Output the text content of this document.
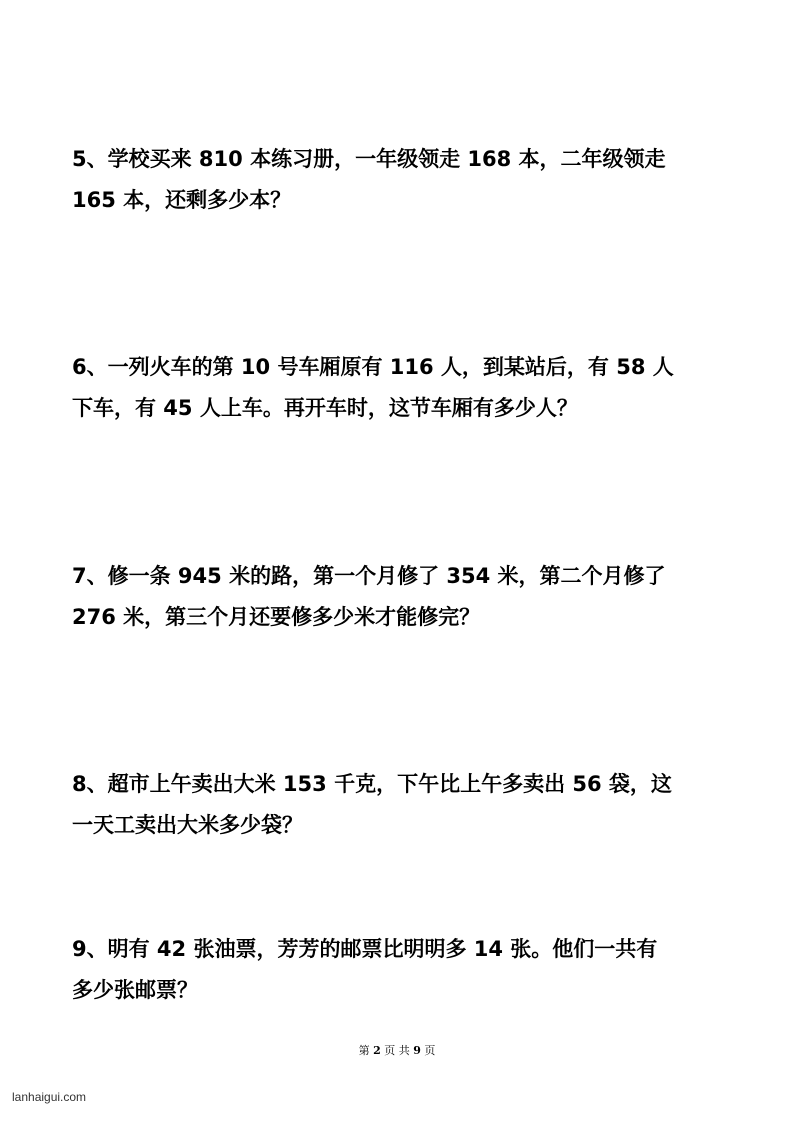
5、学校买来 810 本练习册，一年级领走 168 本，二年级领走
165 本，还剩多少本？
6、一列火车的第 10 号车厢原有 116 人，到某站后，有 58 人
下车，有 45 人上车。再开车时，这节车厢有多少人？
7、修一条 945 米的路，第一个月修了 354 米，第二个月修了
276 米，第三个月还要修多少米才能修完？
8、超市上午卖出大米 153 千克，下午比上午多卖出 56 袋，这
一天工卖出大米多少袋？
9、明有 42 张油票，芳芳的邮票比明明多 14 张。他们一共有
多少张邮票？
第 2 页 共 9 页
lanhaigui.com
